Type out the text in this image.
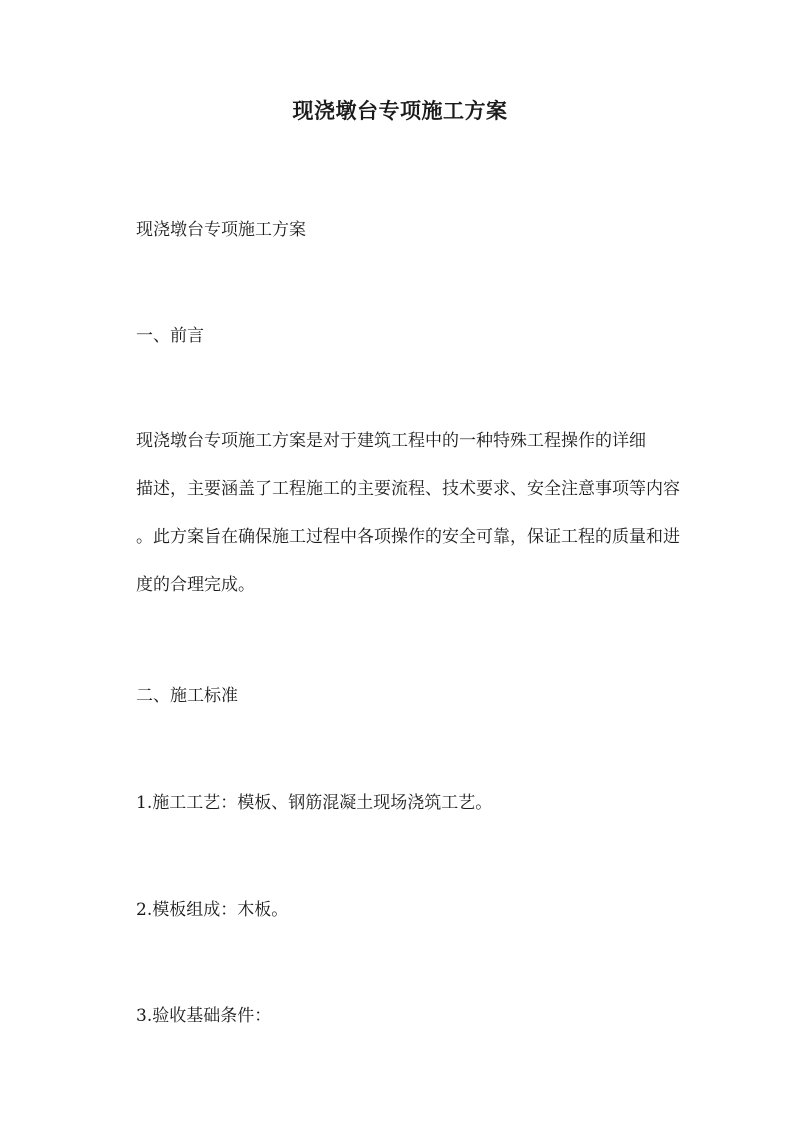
现浇墩台专项施工方案
现浇墩台专项施工方案
一、前言
现浇墩台专项施工方案是对于建筑工程中的一种特殊工程操作的详细
描述，主要涵盖了工程施工的主要流程、技术要求、安全注意事项等内容
。此方案旨在确保施工过程中各项操作的安全可靠，保证工程的质量和进
度的合理完成。
二、施工标准
1.施工工艺：模板、钢筋混凝土现场浇筑工艺。
2.模板组成：木板。
3.验收基础条件：
